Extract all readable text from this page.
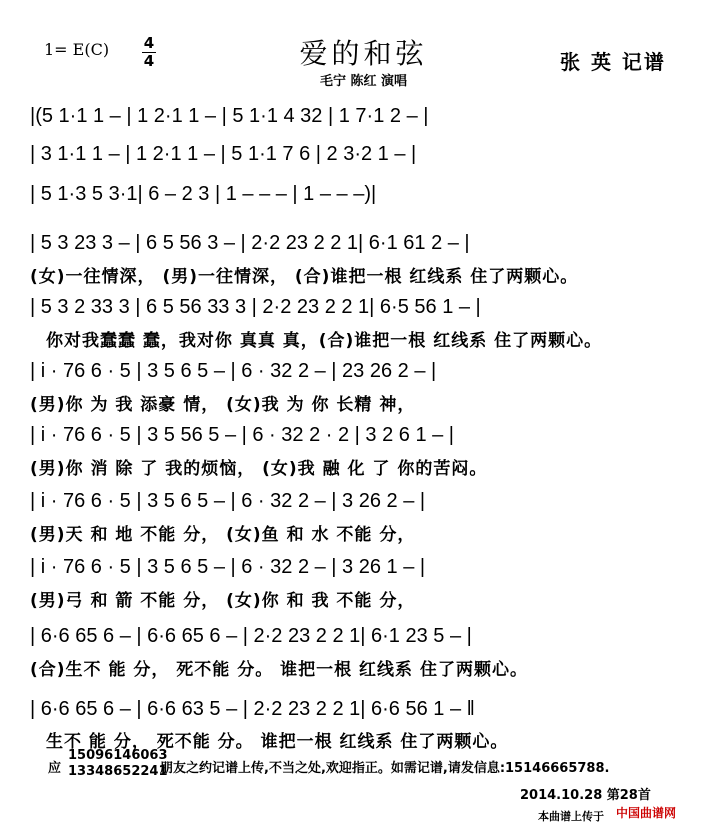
1= E(C) 4
4	爱的和弦
毛宁 陈红 演唱
张 英 记谱
|(5 1·1 1 – | 1 2·1 1 – | 5 1·1 4 32 | 1 7·1 2 – |
| 3 1·1 1 – | 1 2·1 1 – | 5 1·1 7 6 | 2 3·2 1 – |
| 5 1·3 5 3·1| 6 – 2 3 | 1 – – – | 1 – – –)|
| 5 3 23 3 – | 6 5 56 3 – | 2·2 23 2 2 1| 6·1 61 2 – |
(女)一往情深， (男)一往情深， (合)谁把一根 红线系 住了两颗心。
| 5 3 2 33 3 | 6 5 56 33 3 | 2·2 23 2 2 1| 6·5 56 1 – |
你对我蠢蠢 蠢，我对你 真真 真，(合)谁把一根 红线系 住了两颗心。
| i · 76 6 · 5 | 3 5 6 5 – | 6 · 32 2 – | 23 26 2 – |
(男)你 为 我 添豪 情， (女)我 为 你 长精 神，
| i · 76 6 · 5 | 3 5 56 5 – | 6 · 32 2 · 2 | 3 2 6 1 – |
(男)你 消 除 了 我的烦恼， (女)我 融 化 了 你的苦闷。
| i · 76 6 · 5 | 3 5 6 5 – | 6 · 32 2 – | 3 26 2 – |
(男)天 和 地 不能 分， (女)鱼 和 水 不能 分，
| i · 76 6 · 5 | 3 5 6 5 – | 6 · 32 2 – | 3 26 1 – |
(男)弓 和 箭 不能 分， (女)你 和 我 不能 分，
| 6·6 65 6 – | 6·6 65 6 – | 2·2 23 2 2 1| 6·1 23 5 – |
(合)生不 能 分， 死不能 分。 谁把一根 红线系 住了两颗心。
| 6·6 65 6 – | 6·6 63 5 – | 2·2 23 2 2 1| 6·6 56 1 – ‖
生不 能 分， 死不能 分。 谁把一根 红线系 住了两颗心。
应
15096146063
13348652241
朋友之约记谱上传,不当之处,欢迎指正。如需记谱,请发信息:15146665788.
2014.10.28 第28首
本曲谱上传于 中国曲谱网
